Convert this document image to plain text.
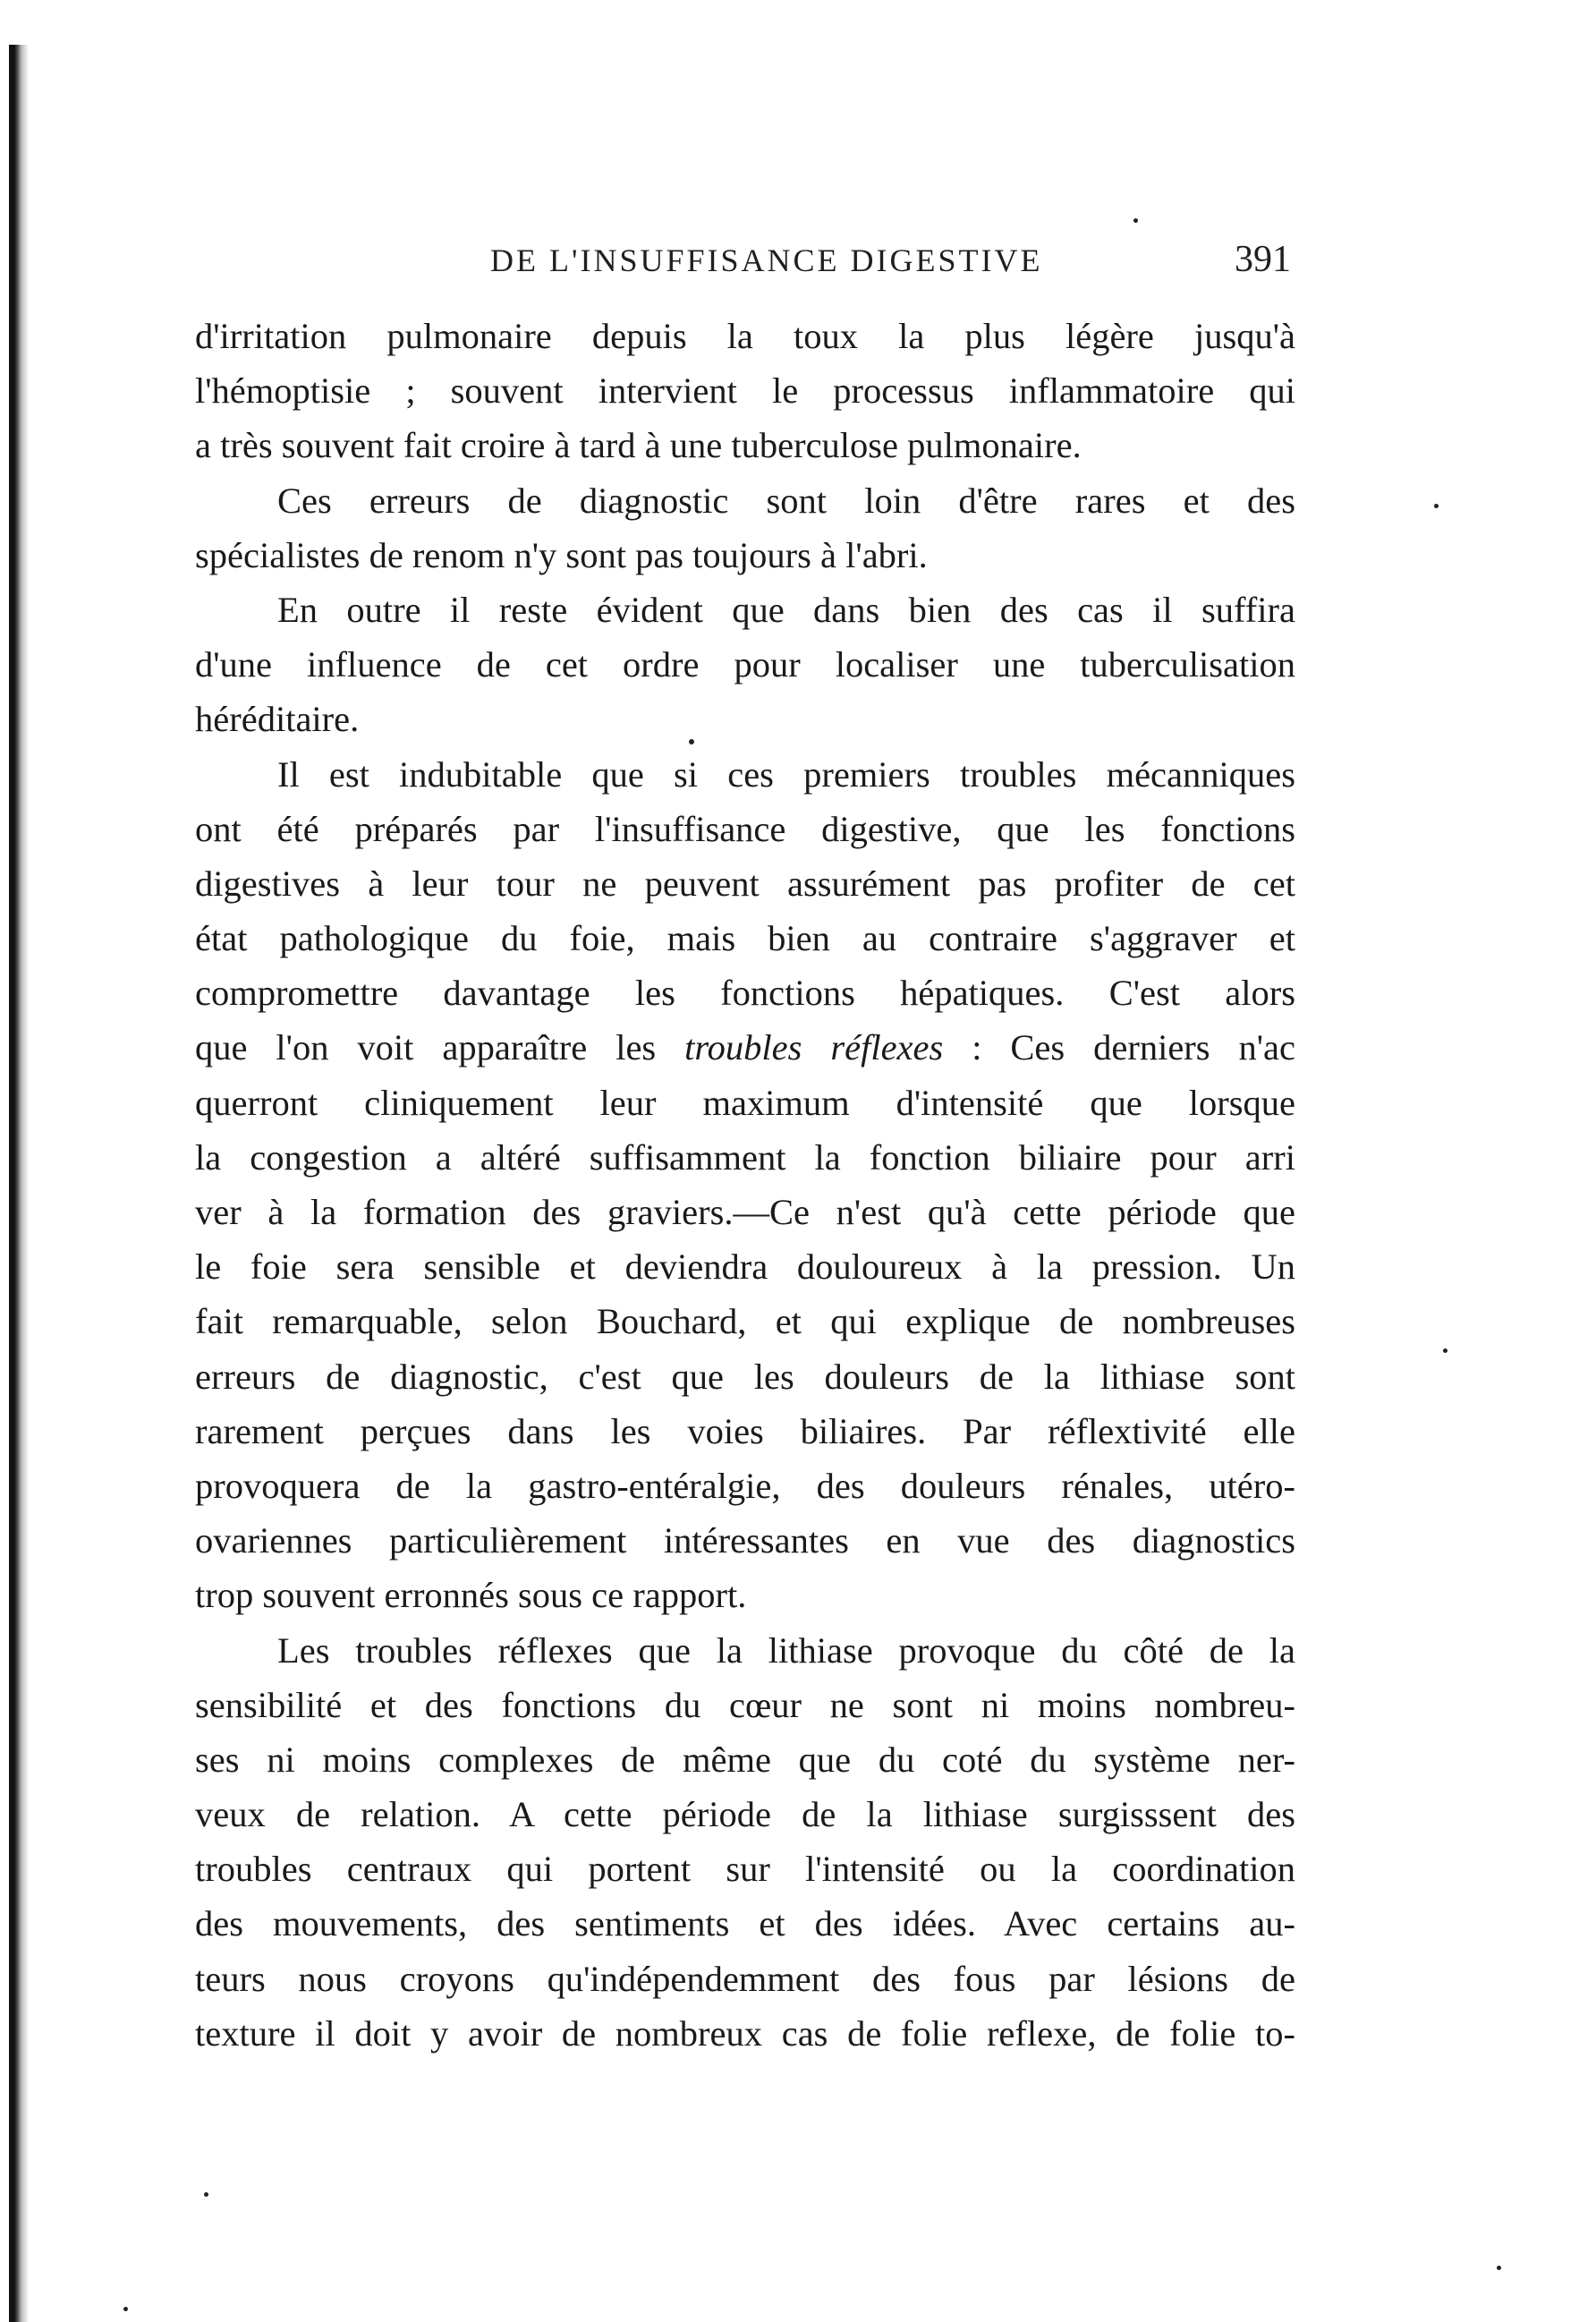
DE L'INSUFFISANCE DIGESTIVE	391
d'irritation pulmonaire depuis la toux la plus légère jusqu'à
l'hémoptisie ; souvent intervient le processus inflammatoire qui
a très souvent fait croire à tard à une tuberculose pulmonaire.
Ces erreurs de diagnostic sont loin d'être rares et des
spécialistes de renom n'y sont pas toujours à l'abri.
En outre il reste évident que dans bien des cas il suffira
d'une influence de cet ordre pour localiser une tuberculisation
héréditaire.
Il est indubitable que si ces premiers troubles mécanniques
ont été préparés par l'insuffisance digestive, que les fonctions
digestives à leur tour ne peuvent assurément pas profiter de cet
état pathologique du foie, mais bien au contraire s'aggraver et
compromettre davantage les fonctions hépatiques. C'est alors
que l'on voit apparaître les troubles réflexes : Ces derniers n'ac
querront cliniquement leur maximum d'intensité que lorsque
la congestion a altéré suffisamment la fonction biliaire pour arri
ver à la formation des graviers.—Ce n'est qu'à cette période que
le foie sera sensible et deviendra douloureux à la pression. Un
fait remarquable, selon Bouchard, et qui explique de nombreuses
erreurs de diagnostic, c'est que les douleurs de la lithiase sont
rarement perçues dans les voies biliaires. Par réflextivité elle
provoquera de la gastro-entéralgie, des douleurs rénales, utéro-
ovariennes particulièrement intéressantes en vue des diagnostics
trop souvent erronnés sous ce rapport.
Les troubles réflexes que la lithiase provoque du côté de la
sensibilité et des fonctions du cœur ne sont ni moins nombreu-
ses ni moins complexes de même que du coté du système ner-
veux de relation. A cette période de la lithiase surgisssent des
troubles centraux qui portent sur l'intensité ou la coordination
des mouvements, des sentiments et des idées. Avec certains au-
teurs nous croyons qu'indépendemment des fous par lésions de
texture il doit y avoir de nombreux cas de folie reflexe, de folie to-
